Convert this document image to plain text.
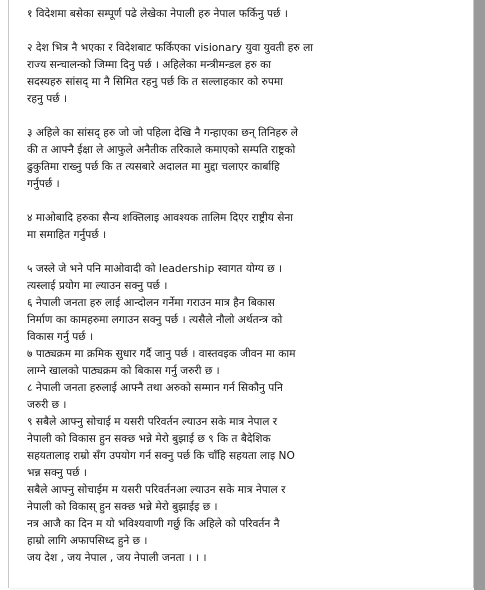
१ विदेशमा बसेका सम्पूर्ण पढे लेखेका नेपाली हरु नेपाल फर्किनु पर्छ ।

२ देश भित्र नै भएका र विदेशबाट फर्किएका visionary युवा युवती हरु ला
राज्य सन्चालन्को जिम्मा दिनु पर्छ । अहिलेका मन्त्रीमन्डल हरु का
सदस्यहरु सांसद् मा नै सिमित रहनु पर्छ कि त सल्लाहकार को रुपमा
रहनु पर्छ ।

३ अहिले का सांसद् हरु जो जो पहिला देखि नै गन्हाएका छन् तिनिहरु ले
की त आफ्नै ईक्षा ले आफुले अनैतीक तरिकाले कमाएको सम्पति राष्ट्रको
ढुकुतिमा राख्नु पर्छ कि त त्यसबारे अदालत मा मुद्दा चलाएर कार्बाहि
गर्नुपर्छ ।

४ माओबादि हरुका सैन्य शक्तिलाइ आवश्यक तालिम दिएर राष्ट्रीय सेना
मा समाहित गर्नुपर्छ ।

५ जस्ले जे भने पनि माओवादी को leadership स्वागत योग्य छ ।
त्यस्लाई प्रयोग मा ल्याउन सक्नु पर्छ ।
६ नेपाली जनता हरु लाई आन्दोलन गर्नेमा गराउन मात्र हैन बिकास
निर्माण का कामहरुमा लगाउन सक्नु पर्छ । त्यसैले नौलो अर्थतन्त्र को
विकास गर्नु पर्छ ।
७ पाठ्यक्रम मा क्रमिक सुधार गर्दै जानु पर्छ । वास्तवइक जीवन मा काम
लाग्ने खालको पाठ्यक्रम को बिकास गर्नु जरुरी छ ।
८ नेपाली जनता हरुलाई आफ्नै तथा अरुको सम्मान गर्न सिकौनु पनि
जरुरी छ ।
९ सबैले आफ्नु सोचाई म यसरी परिवर्तन ल्याउन सके मात्र नेपाल र
नेपाली को विकास हुन सक्छ भन्ने मेरो बुझाई छ ९ कि त बैदेशिक
सहयतालाइ राम्रो सँग उपयोग गर्न सक्नु पर्छ कि चाँहि सहयता लाइ NO
भन्न सक्नु पर्छ ।
सबैले आफ्नु सोचाईम म यसरी परिवर्तनआ ल्याउन सके मात्र नेपाल र
नेपाली को विकास् हुन सक्छ भन्ने मेरो बुझाईइ छ ।
नत्र आजै का दिन म यो भविश्यवाणी गर्छु कि अहिले को परिवर्तन नै
हाम्रो लागि अफापसिध्द हुने छ ।
जय देश , जय नेपाल , जय नेपाली जनता । । ।
